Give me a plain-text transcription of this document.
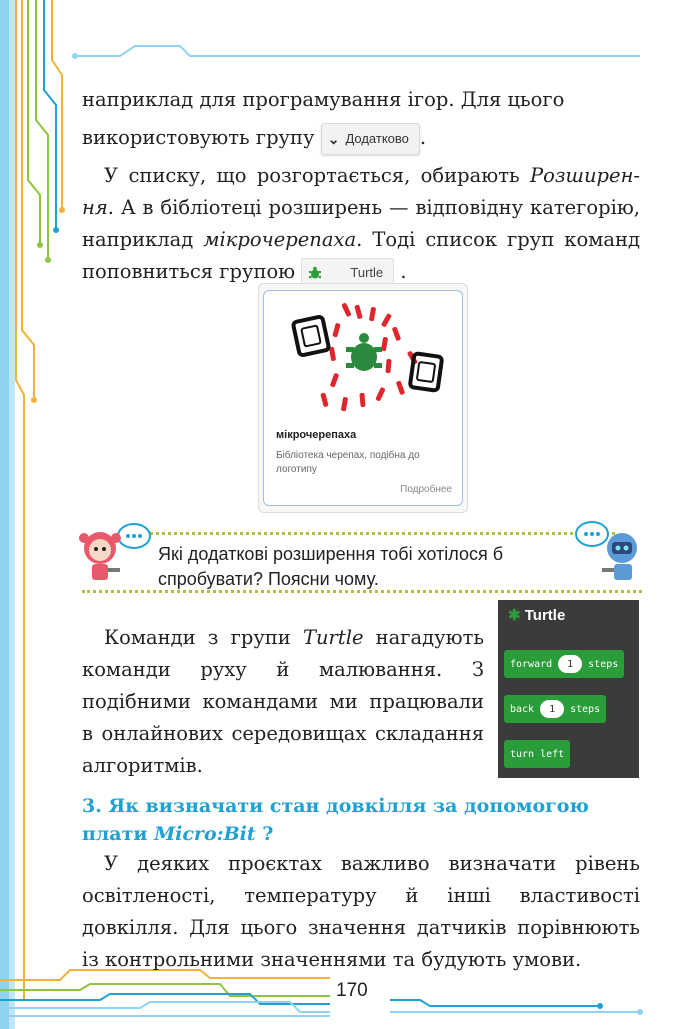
наприклад для програмування ігор. Для цього

використовують групу ⌄ Додатково .

У списку, що розгортається, обирають Розширен-ня. А в бібліотеці розширень — відповідну категорію, наприклад мікрочерепаха. Тоді список груп команд поповниться групою	Turtle .

мікрочерепаха
Бібліотека черепах, подібна до логотипу
Подробнее
Які додаткові розширення тобі хотілося б спробувати? Поясни чому.

Команди з групи Turtle нагадують команди руху й малювання. З подібними командами ми працювали в онлайнових середовищах складання алгоритмів.

✱ Turtle
forward	1	steps
back	1	steps
turn left
3. Як визначати стан довкілля за допомогою плати Micro:Bit ?

У деяких проєктах важливо визначати рівень освітленості, температуру й інші властивості довкілля. Для цього значення датчиків порівнюють із контрольними значеннями та будують умови.

170
